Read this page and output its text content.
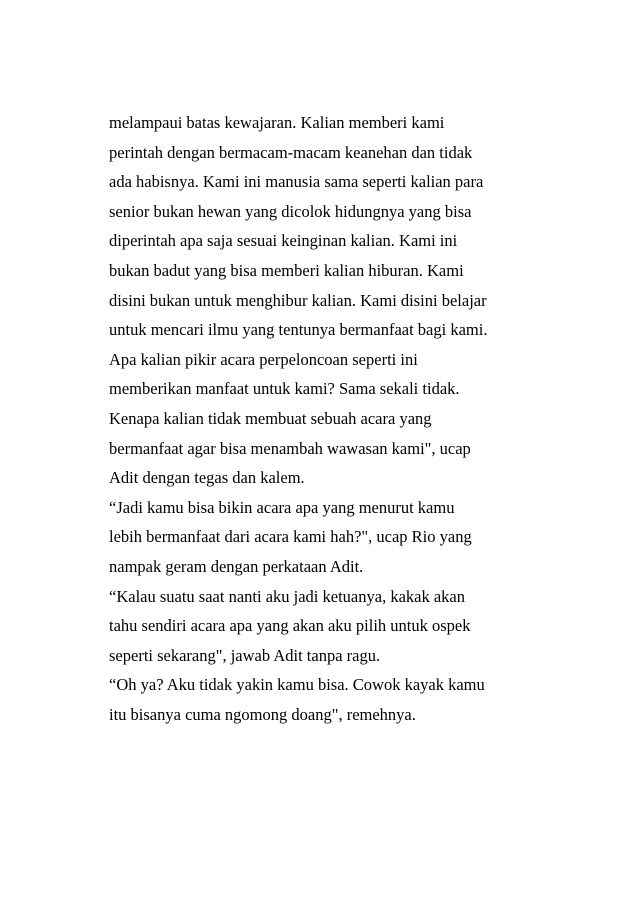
melampaui batas kewajaran. Kalian memberi kami
perintah dengan bermacam-macam keanehan dan tidak
ada habisnya. Kami ini manusia sama seperti kalian para
senior bukan hewan yang dicolok hidungnya yang bisa
diperintah apa saja sesuai keinginan kalian. Kami ini
bukan badut yang bisa memberi kalian hiburan. Kami
disini bukan untuk menghibur kalian. Kami disini belajar
untuk mencari ilmu yang tentunya bermanfaat bagi kami.
Apa kalian pikir acara perpeloncoan seperti ini
memberikan manfaat untuk kami? Sama sekali tidak.
Kenapa kalian tidak membuat sebuah acara yang
bermanfaat agar bisa menambah wawasan kami", ucap
Adit dengan tegas dan kalem.
“Jadi kamu bisa bikin acara apa yang menurut kamu
lebih bermanfaat dari acara kami hah?", ucap Rio yang
nampak geram dengan perkataan Adit.
“Kalau suatu saat nanti aku jadi ketuanya, kakak akan
tahu sendiri acara apa yang akan aku pilih untuk ospek
seperti sekarang", jawab Adit tanpa ragu.
“Oh ya? Aku tidak yakin kamu bisa. Cowok kayak kamu
itu bisanya cuma ngomong doang", remehnya.
